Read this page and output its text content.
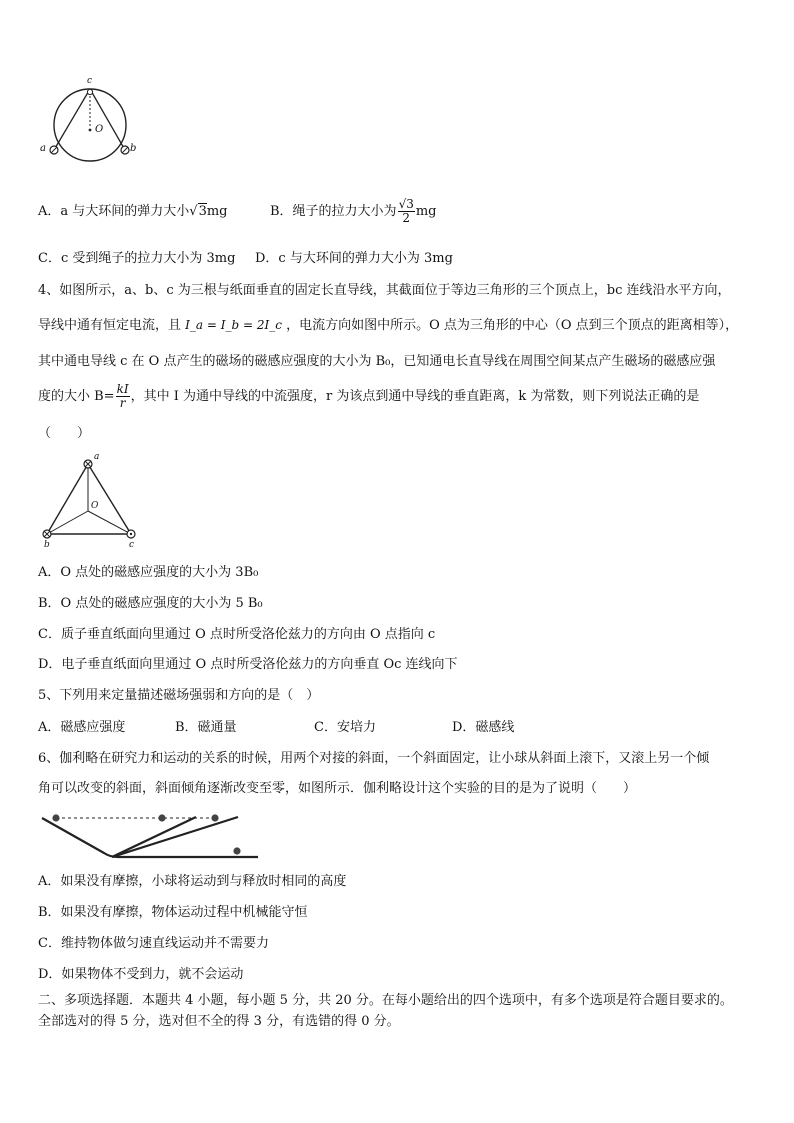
c
O
a	b
A．a 与大环间的弹力大小√3mg	B．绳子的拉力大小为 $\frac{√3}{2}$ mg
C．c 受到绳子的拉力大小为 3mg D．c 与大环间的弹力大小为 3mg
4、如图所示，a、b、c 为三根与纸面垂直的固定长直导线，其截面位于等边三角形的三个顶点上，bc 连线沿水平方向，
导线中通有恒定电流，且 I_a = I_b = 2I_c ，电流方向如图中所示。O 点为三角形的中心（O 点到三个顶点的距离相等），
其中通电导线 c 在 O 点产生的磁场的磁感应强度的大小为 B₀，已知通电长直导线在周围空间某点产生磁场的磁感应强
度的大小 $B= \frac{kI}{r}$ ，其中 I 为通中导线的中流强度，r 为该点到通中导线的垂直距离，k 为常数，则下列说法正确的是
（　　）
a
b	c
O
A．O 点处的磁感应强度的大小为 3B₀
B．O 点处的磁感应强度的大小为 5 B₀
C．质子垂直纸面向里通过 O 点时所受洛伦兹力的方向由 O 点指向 c
D．电子垂直纸面向里通过 O 点时所受洛伦兹力的方向垂直 Oc 连线向下
5、下列用来定量描述磁场强弱和方向的是（　）
A．磁感应强度	B．磁通量	C．安培力	D．磁感线
6、伽利略在研究力和运动的关系的时候，用两个对接的斜面，一个斜面固定，让小球从斜面上滚下，又滚上另一个倾
角可以改变的斜面，斜面倾角逐渐改变至零，如图所示．伽利略设计这个实验的目的是为了说明（　　）
A．如果没有摩擦，小球将运动到与释放时相同的高度
B．如果没有摩擦，物体运动过程中机械能守恒
C．维持物体做匀速直线运动并不需要力
D．如果物体不受到力，就不会运动
二、多项选择题．本题共 4 小题，每小题 5 分，共 20 分。在每小题给出的四个选项中，有多个选项是符合题目要求的。
全部选对的得 5 分，选对但不全的得 3 分，有选错的得 0 分。
